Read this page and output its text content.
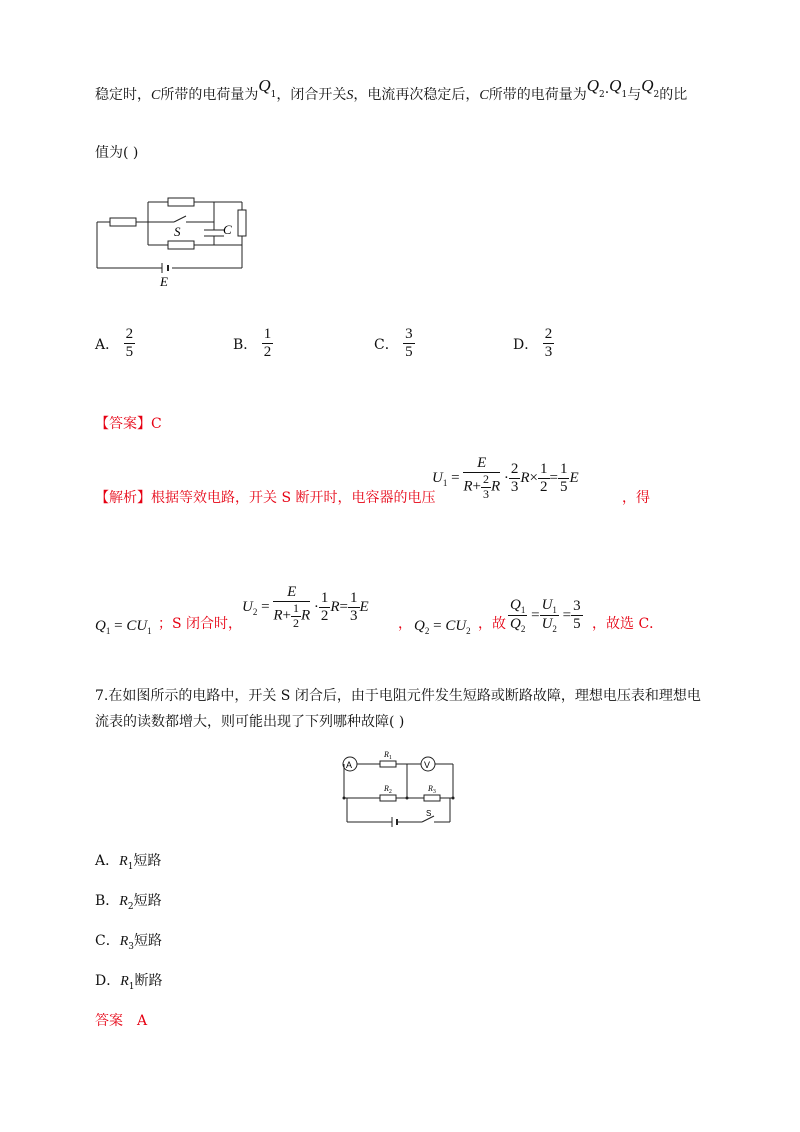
稳定时，C所带的电荷量为$Q_1$，闭合开关S，电流再次稳定后，C所带的电荷量为$Q_2.Q_1$与$Q_2$的比
值为( )
S	C
E
A． $\frac{2}{5}$	B． $\frac{1}{2}$	C． $\frac{3}{5}$	D． $\frac{2}{3}$
【答案】C
【解析】根据等效电路，开关 S 断开时，电容器的电压
$U_1 = \frac{E}{R+ \frac{2}{3} R} \cdot \frac{2}{3} R\times \frac{1}{2} = \frac{1}{5}$ E
，得
$Q_1 = CU_1$ ；S 闭合时，
$U_2 = \frac{E}{R+ \frac{1}{2} R} \cdot \frac{1}{2} R= \frac{1}{3}$ E
， $Q_2 = CU_2$ ，故 $\frac{Q_1}{Q_2} = \frac{U_1}{U_2} = \frac{3}{5}$ ，故选 C．
7.在如图所示的电路中，开关 S 闭合后，由于电阻元件发生短路或断路故障，理想电压表和理想电
流表的读数都增大，则可能出现了下列哪种故障( )
A	V
$R_1$
$R_2$	$R_3$
S
A．$R_1$短路
B．$R_2$短路
C．$R_3$短路
D．$R_1$断路
答案　A
